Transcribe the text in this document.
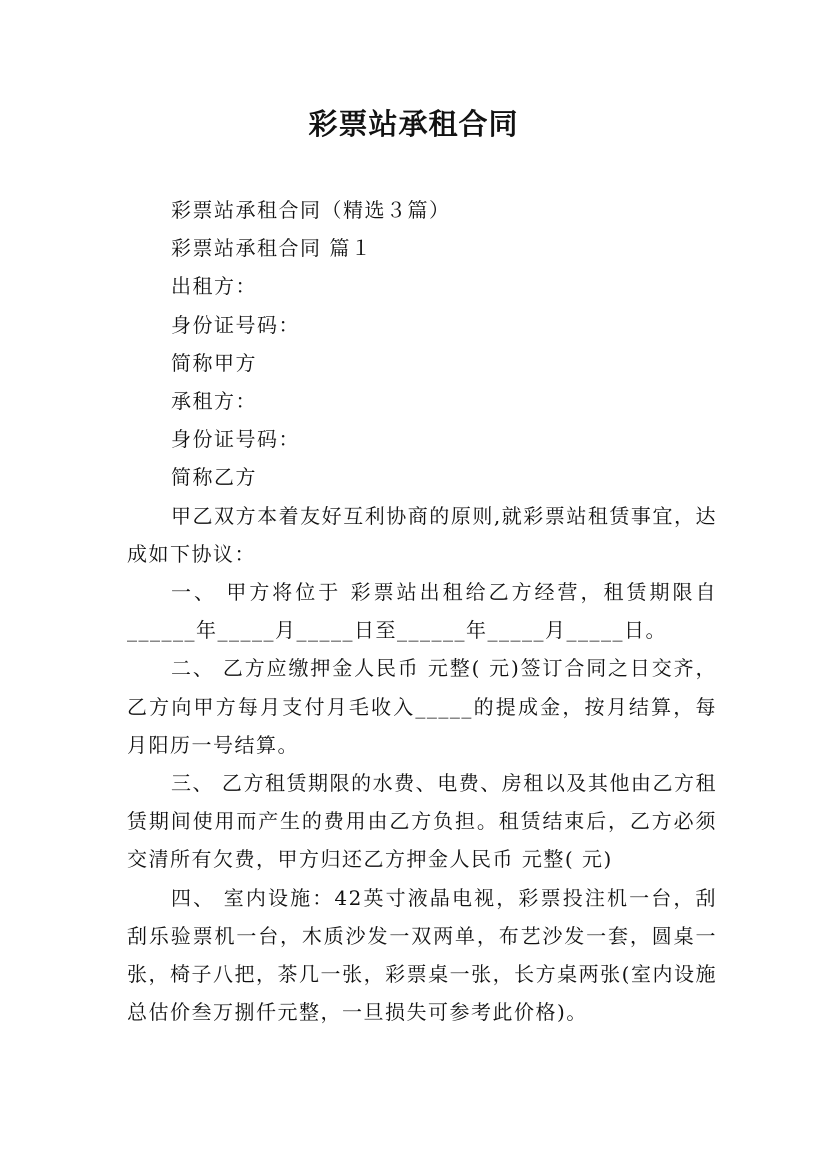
彩票站承租合同

彩票站承租合同（精选３篇）

彩票站承租合同 篇１

出租方：

身份证号码：

简称甲方

承租方：

身份证号码：

简称乙方

甲乙双方本着友好互利协商的原则,就彩票站租赁事宜，达成如下协议：

一、 甲方将位于 彩票站出租给乙方经营，租赁期限自______年_____月_____日至______年_____月_____日。

二、 乙方应缴押金人民币 元整( 元)签订合同之日交齐，乙方向甲方每月支付月毛收入_____的提成金，按月结算，每月阳历一号结算。

三、 乙方租赁期限的水费、电费、房租以及其他由乙方租赁期间使用而产生的费用由乙方负担。租赁结束后，乙方必须交清所有欠费，甲方归还乙方押金人民币 元整( 元)

四、 室内设施：42英寸液晶电视，彩票投注机一台，刮刮乐验票机一台，木质沙发一双两单，布艺沙发一套，圆桌一张，椅子八把，茶几一张，彩票桌一张，长方桌两张(室内设施总估价叁万捌仟元整，一旦损失可参考此价格)。
